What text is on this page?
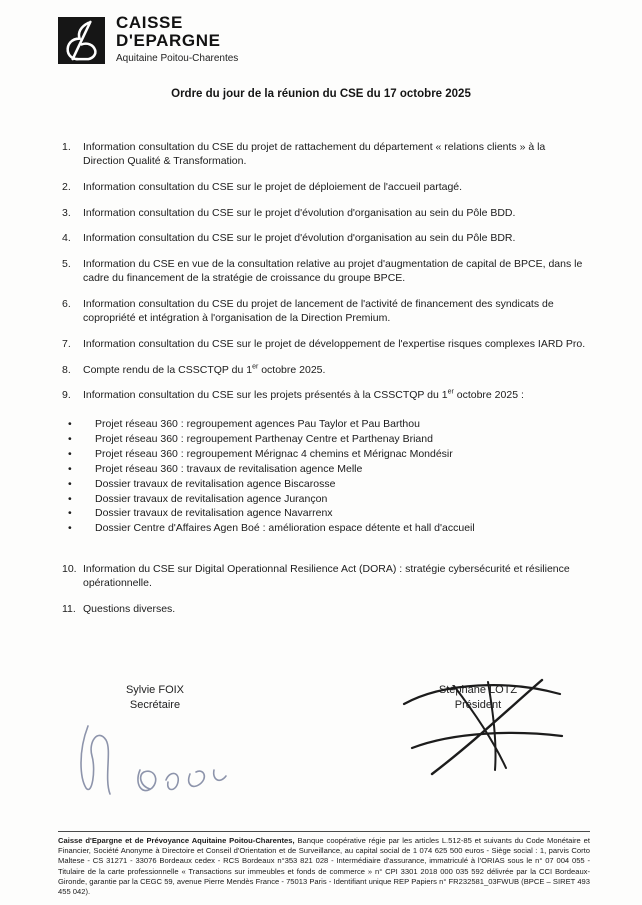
CAISSE
D'EPARGNE
Aquitaine Poitou-Charentes
Ordre du jour de la réunion du CSE du 17 octobre 2025
1.	Information consultation du CSE du projet de rattachement du département « relations clients » à la Direction Qualité & Transformation.
2.	Information consultation du CSE sur le projet de déploiement de l'accueil partagé.
3.	Information consultation du CSE sur le projet d'évolution d'organisation au sein du Pôle BDD.
4.	Information consultation du CSE sur le projet d'évolution d'organisation au sein du Pôle BDR.
5.	Information du CSE en vue de la consultation relative au projet d'augmentation de capital de BPCE, dans le cadre du financement de la stratégie de croissance du groupe BPCE.
6.	Information consultation du CSE du projet de lancement de l'activité de financement des syndicats de copropriété et intégration à l'organisation de la Direction Premium.
7.	Information consultation du CSE sur le projet de développement de l'expertise risques complexes IARD Pro.
8.	Compte rendu de la CSSCTQP du 1er octobre 2025.
9.	Information consultation du CSE sur les projets présentés à la CSSCTQP du 1er octobre 2025 :
•	Projet réseau 360 : regroupement agences Pau Taylor et Pau Barthou
•	Projet réseau 360 : regroupement Parthenay Centre et Parthenay Briand
•	Projet réseau 360 : regroupement Mérignac 4 chemins et Mérignac Mondésir
•	Projet réseau 360 : travaux de revitalisation agence Melle
•	Dossier travaux de revitalisation agence Biscarosse
•	Dossier travaux de revitalisation agence Jurançon
•	Dossier travaux de revitalisation agence Navarrenx
•	Dossier Centre d'Affaires Agen Boé : amélioration espace détente et hall d'accueil
10. Information du CSE sur Digital Operationnal Resilience Act (DORA) : stratégie cybersécurité et résilience opérationnelle.
11. Questions diverses.
Sylvie FOIX
Secrétaire
Stéphane LOTZ
Président

Caisse d'Epargne et de Prévoyance Aquitaine Poitou-Charentes, Banque coopérative régie par les articles L.512-85 et suivants du Code Monétaire et Financier, Société Anonyme à Directoire et Conseil d'Orientation et de Surveillance, au capital social de 1 074 625 500 euros - Siège social : 1, parvis Corto Maltese - CS 31271 - 33076 Bordeaux cedex - RCS Bordeaux n°353 821 028 - Intermédiaire d'assurance, immatriculé à l'ORIAS sous le n° 07 004 055 - Titulaire de la carte professionnelle « Transactions sur immeubles et fonds de commerce » n° CPI 3301 2018 000 035 592 délivrée par la CCI Bordeaux-Gironde, garantie par la CEGC 59, avenue Pierre Mendès France - 75013 Paris - Identifiant unique REP Papiers n° FR232581_03FWUB (BPCE – SIRET 493 455 042).
